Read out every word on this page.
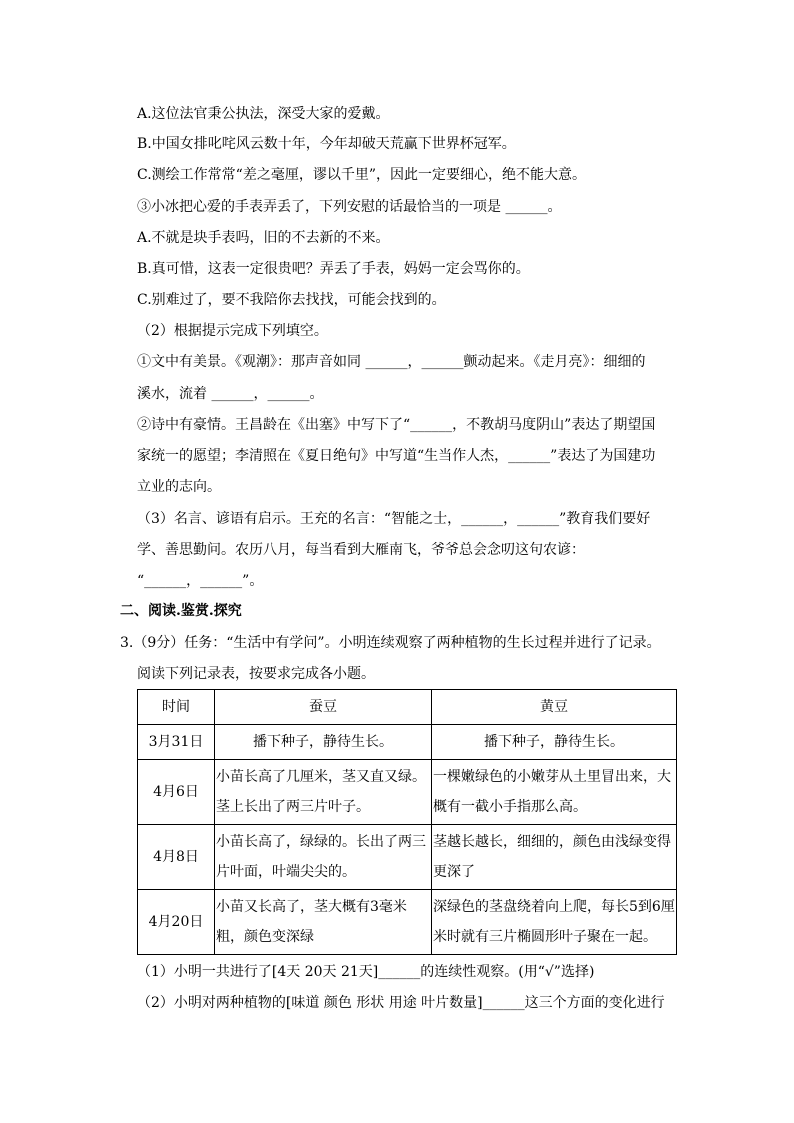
A.这位法官秉公执法，深受大家的爱戴。
B.中国女排叱咤风云数十年，今年却破天荒赢下世界杯冠军。
C.测绘工作常常“差之毫厘，谬以千里”，因此一定要细心，绝不能大意。
③小冰把心爱的手表弄丢了，下列安慰的话最恰当的一项是 ______。
A.不就是块手表吗，旧的不去新的不来。
B.真可惜，这表一定很贵吧？弄丢了手表，妈妈一定会骂你的。
C.别难过了，要不我陪你去找找，可能会找到的。
（2）根据提示完成下列填空。
①文中有美景。《观潮》：那声音如同 ______，______颤动起来。《走月亮》：细细的
溪水，流着 ______，______。
②诗中有豪情。王昌龄在《出塞》中写下了“______，不教胡马度阴山”表达了期望国
家统一的愿望；李清照在《夏日绝句》中写道“生当作人杰，______”表达了为国建功
立业的志向。
（3）名言、谚语有启示。王充的名言：“智能之士，______，______”教育我们要好
学、善思勤问。农历八月，每当看到大雁南飞，爷爷总会念叨这句农谚：
“______，______”。
二、阅读.鉴赏.探究
3.（9分）任务：“生活中有学问”。小明连续观察了两种植物的生长过程并进行了记录。
阅读下列记录表，按要求完成各小题。
时间	蚕豆	黄豆
3月31日	播下种子，静待生长。	播下种子，静待生长。
4月6日	小苗长高了几厘米，茎又直又绿。茎上长出了两三片叶子。	一棵嫩绿色的小嫩芽从土里冒出来，大概有一截小手指那么高。
4月8日	小苗长高了，绿绿的。长出了两三片叶面，叶端尖尖的。	茎越长越长，细细的，颜色由浅绿变得更深了
4月20日	小苗又长高了，茎大概有3毫米粗，颜色变深绿	深绿色的茎盘绕着向上爬，每长5到6厘米时就有三片椭圆形叶子聚在一起。
（1）小明一共进行了[4天 20天 21天]______的连续性观察。(用“√”选择)
（2）小明对两种植物的[味道 颜色 形状 用途 叶片数量]______这三个方面的变化进行
